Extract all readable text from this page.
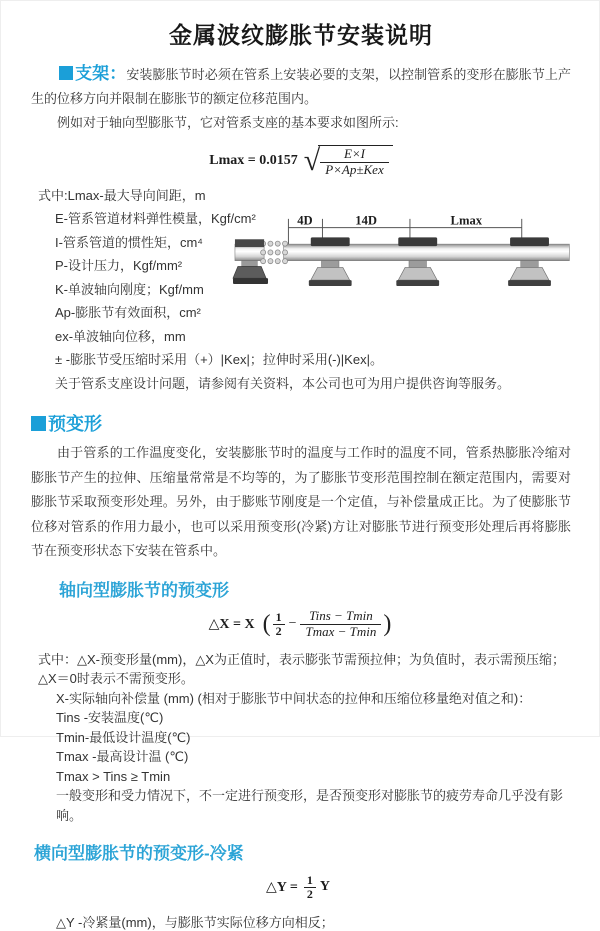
金属波纹膨胀节安装说明

支架：安装膨胀节时必须在管系上安装必要的支架，以控制管系的变形在膨胀节上产生的位移方向并限制在膨胀节的额定位移范围内。

例如对于轴向型膨胀节，它对管系支座的基本要求如图所示:

Lmax = 0.0157 √ $\frac{E\times I}{\text{P×Ap±Kex}}$
式中:Lmax-最大导向间距，m
E-管系管道材料弹性模量，Kgf/cm²
I-管系管道的惯性矩，cm⁴
P-设计压力，Kgf/mm²
K-单波轴向刚度；Kgf/mm
Ap-膨胀节有效面积，cm²
ex-单波轴向位移，mm
± -膨胀节受压缩时采用（+）|Kex|；拉伸时采用(-)|Kex|。
关于管系支座设计问题，请参阅有关资料，本公司也可为用户提供咨询等服务。
4D	14D	Lmax
预变形

由于管系的工作温度变化，安装膨胀节时的温度与工作时的温度不同，管系热膨胀冷缩对膨胀节产生的拉伸、压缩量常常是不均等的，为了膨胀节变形范围控制在额定范围内，需要对膨胀节采取预变形处理。另外，由于膨账节刚度是一个定值，与补偿量成正比。为了使膨胀节位移对管系的作用力最小，也可以采用预变形(冷紧)方让对膨胀节进行预变形处理后再将膨胀节在预变形状态下安装在管系中。

轴向型膨胀节的预变形
△X = X ( $\frac{1}{2} - \frac{\text{Tins − Tmin}}{Tmax - Tmin}$ )

式中：△X-预变形量(mm)，△X为正值时，表示膨张节需预拉伸；为负值时，表示需预压缩；△X＝0时表示不需预变形。

X-实际轴向补偿量 (mm) (相对于膨胀节中间状态的拉伸和压缩位移量绝对值之和)：

Tins -安装温度(℃)

Tmin-最低设计温度(℃)

Tmax -最高设计温 (℃)

Tmax > Tins ≥ Tmin

一般变形和受力情况下，不一定进行预变形，是否预变形对膨胀节的疲劳寿命几乎没有影响。

横向型膨胀节的预变形-冷紧
△Y = $\frac{1}{2}$ Y

△Y -冷紧量(mm)，与膨胀节实际位移方向相反；
